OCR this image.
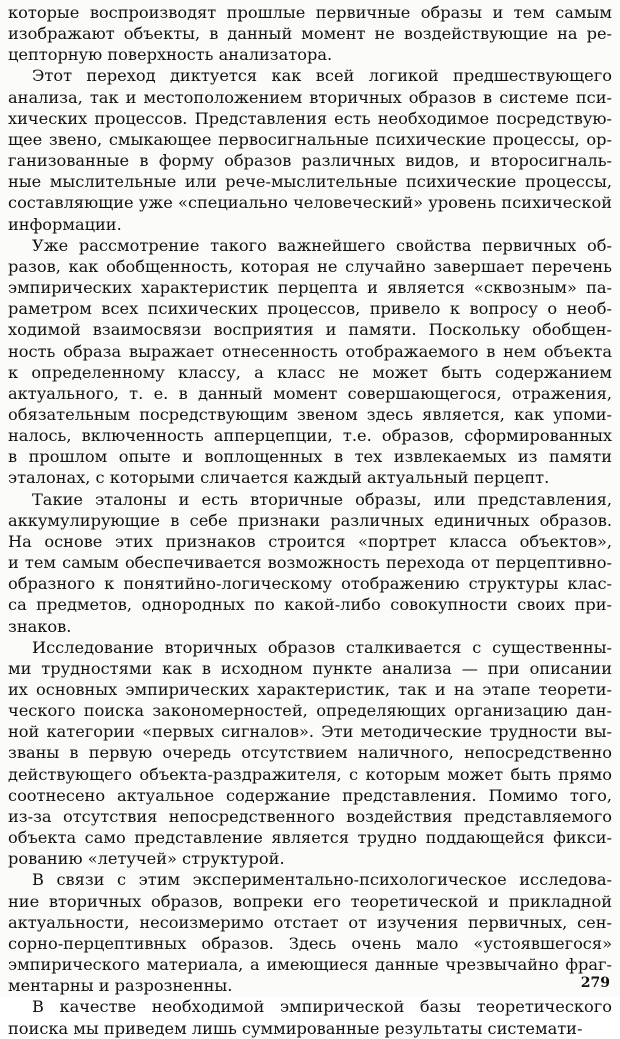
которые воспроизводят прошлые первичные образы и тем самым
изображают объекты, в данный момент не воздействующие на ре-
цепторную поверхность анализатора.
Этот переход диктуется как всей логикой предшествующего
анализа, так и местоположением вторичных образов в системе пси-
хических процессов. Представления есть необходимое посредствую-
щее звено, смыкающее первосигнальные психические процессы, ор-
ганизованные в форму образов различных видов, и второсигналь-
ные мыслительные или рече-мыслительные психические процессы,
составляющие уже «специально человеческий» уровень психической
информации.
Уже рассмотрение такого важнейшего свойства первичных об-
разов, как обобщенность, которая не случайно завершает перечень
эмпирических характеристик перцепта и является «сквозным» па-
раметром всех психических процессов, привело к вопросу о необ-
ходимой взаимосвязи восприятия и памяти. Поскольку обобщен-
ность образа выражает отнесенность отображаемого в нем объекта
к определенному классу, а класс не может быть содержанием
актуального, т. е. в данный момент совершающегося, отражения,
обязательным посредствующим звеном здесь является, как упоми-
налось, включенность апперцепции, т.е. образов, сформированных
в прошлом опыте и воплощенных в тех извлекаемых из памяти
эталонах, с которыми сличается каждый актуальный перцепт.
Такие эталоны и есть вторичные образы, или представления,
аккумулирующие в себе признаки различных единичных образов.
На основе этих признаков строится «портрет класса объектов»,
и тем самым обеспечивается возможность перехода от перцептивно-
образного к понятийно-логическому отображению структуры клас-
са предметов, однородных по какой-либо совокупности своих при-
знаков.
Исследование вторичных образов сталкивается с существенны-
ми трудностями как в исходном пункте анализа — при описании
их основных эмпирических характеристик, так и на этапе теорети-
ческого поиска закономерностей, определяющих организацию дан-
ной категории «первых сигналов». Эти методические трудности вы-
званы в первую очередь отсутствием наличного, непосредственно
действующего объекта-раздражителя, с которым может быть прямо
соотнесено актуальное содержание представления. Помимо того,
из-за отсутствия непосредственного воздействия представляемого
объекта само представление является трудно поддающейся фикси-
рованию «летучей» структурой.
В связи с этим экспериментально-психологическое исследова-
ние вторичных образов, вопреки его теоретической и прикладной
актуальности, несоизмеримо отстает от изучения первичных, сен-
сорно-перцептивных образов. Здесь очень мало «устоявшегося»
эмпирического материала, а имеющиеся данные чрезвычайно фраг-
ментарны и разрозненны.
В качестве необходимой эмпирической базы теоретического
поиска мы приведем лишь суммированные результаты системати-
279
